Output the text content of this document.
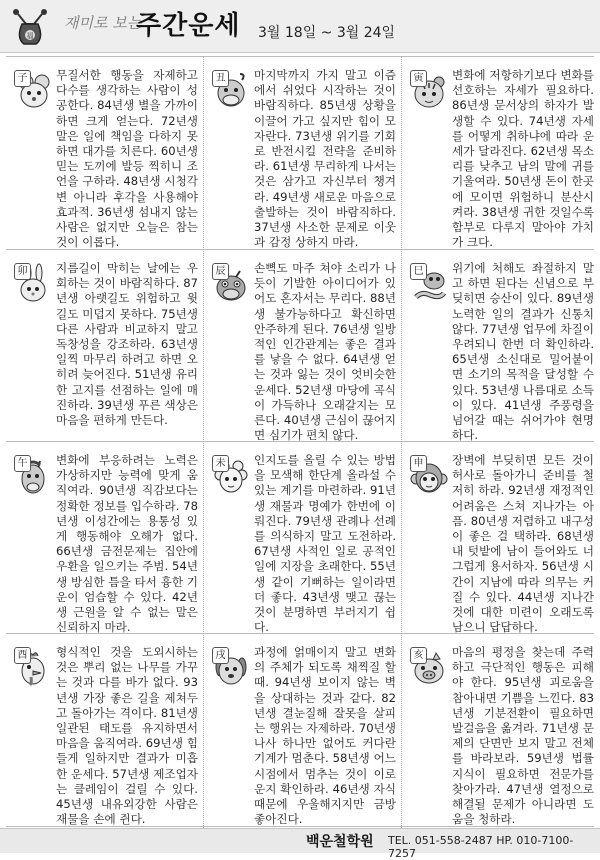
福
재미로 보는
주간운세 3월 18일 ~ 3월 24일
子	무질서한 행동을 자제하고 다수를 생각하는 사람이 성공한다. 84년생 별을 가까이 하면 크게 얻는다. 72년생 말은 일에 책임을 다하지 못하면 대가를 치른다. 60년생 믿는 도끼에 발등 찍히니 조언을 구하라. 48년생 시청각변 아니라 후각을 사용해야 효과적. 36년생 섬내지 않는 사람은 없지만 오늘은 참는 것이 이롭다.

丑	마지막까지 가지 말고 이즘에서 쉬었다 시작하는 것이 바람직하다. 85년생 상황을 이끌어 가고 싶지만 힘이 모자란다. 73년생 위기를 기회로 반전시킬 전략을 준비하라. 61년생 무리하게 나서는 것은 삼가고 자신부터 챙겨라. 49년생 새로운 마음으로 출발하는 것이 바람직하다. 37년생 사소한 문제로 이웃과 감정 상하지 마라.

寅	변화에 저항하기보다 변화를 선호하는 자세가 필요하다. 86년생 문서상의 하자가 발생할 수 있다. 74년생 자세를 어떻게 취하냐에 따라 운세가 달라진다. 62년생 목소리를 낮추고 남의 말에 귀를 기울여라. 50년생 돈이 한곳에 모이면 위험하니 분산시켜라. 38년생 귀한 것일수록 함부로 다루지 말아야 가치가 크다.

卯	지름길이 막히는 날에는 우회하는 것이 바람직하다. 87년생 아랫길도 위험하고 윗길도 미덥지 못하다. 75년생 다른 사람과 비교하지 말고 독창성을 강조하라. 63년생 일찍 마무리 하려고 하면 오히려 늦어진다. 51년생 유리한 고지를 선점하는 일에 매진하라. 39년생 푸른 색상은 마음을 편하게 만든다.

辰	손뼉도 마주 쳐야 소리가 나듯이 기발한 아이디어가 있어도 혼자서는 무리다. 88년생 불가능하다고 확신하면 안주하게 된다. 76년생 일방적인 인간관계는 좋은 결과를 낳을 수 없다. 64년생 얻는 것과 잃는 것이 엇비슷한 운세다. 52년생 마당에 곡식이 가득하나 오래갈지는 모른다. 40년생 근심이 끊어지면 심기가 편치 않다.

巳	위기에 처해도 좌절하지 말고 하면 된다는 신념으로 부딪히면 승산이 있다. 89년생 노력한 일의 결과가 신통치 않다. 77년생 업무에 차질이 우려되니 한번 더 확인하라. 65년생 소신대로 밀어붙이면 소기의 목적을 달성할 수 있다. 53년생 나름대로 소득이 있다. 41년생 주풍령을 넘어갈 때는 쉬어가야 현명하다.

午	변화에 부응하려는 노력은 가상하지만 능력에 맞게 움직여라. 90년생 직감보다는 정확한 정보를 입수하라. 78년생 이성간에는 용통성 있게 행동해야 오해가 없다. 66년생 금전문제는 집안에 우환을 일으키는 주범. 54년생 방심한 틈을 타서 흉한 기운이 엄습할 수 있다. 42년생 근원을 알 수 없는 말은 신뢰하지 마라.

未	인지도를 올릴 수 있는 방법을 모색해 한단계 올라설 수 있는 계기를 마련하라. 91년생 재물과 명예가 한번에 이뤄진다. 79년생 관례나 선례를 의식하지 말고 도전하라. 67년생 사적인 일로 공적인 일에 지장을 초래한다. 55년생 같이 기뻐하는 일이라면 더 좋다. 43년생 맺고 끊는 것이 분명하면 부러지기 쉽다.

申	장벽에 부딪히면 모든 것이 허사로 돌아가니 준비를 철저히 하라. 92년생 재정적인 어려움은 스쳐 지나가는 아픔. 80년생 저렴하고 내구성이 좋은 걸 택하라. 68년생 내 텃밭에 남이 들어와도 너그럽게 용서하자. 56년생 시간이 지남에 따라 의무는 커질 수 있다. 44년생 지나간 것에 대한 미련이 오래도록 남으니 답답하다.

酉	형식적인 것을 도외시하는 것은 뿌리 없는 나무를 가꾸는 것과 다를 바가 없다. 93년생 가장 좋은 길을 제쳐두고 돌아가는 격이다. 81년생 일관된 태도를 유지하면서 마음을 움직여라. 69년생 힘들게 일하지만 결과가 미흡한 운세다. 57년생 제조업자는 클레임이 걸릴 수 있다. 45년생 내유외강한 사람은 재물을 손에 쥔다.

戌	과정에 얽매이지 말고 변화의 주체가 되도록 채찍질 할 때. 94년생 보이지 않는 벽을 상대하는 것과 같다. 82년생 결눈질해 잘못을 살피는 행위는 자제하라. 70년생 나사 하나만 없어도 커다란 기계가 멈춘다. 58년생 어느 시점에서 멈추는 것이 이로운지 확인하라. 46년생 자식 때문에 우울해지지만 금방 좋아진다.

亥	마음의 평정을 찾는데 주력하고 극단적인 행동은 피해야 한다. 95년생 괴로움을 참아내면 기쁨을 느낀다. 83년생 기분전환이 필요하면 발걸음을 옮겨라. 71년생 문제의 단면만 보지 말고 전체를 바라보라. 59년생 법률 지식이 필요하면 전문가를 찾아가라. 47년생 열정으로 해결될 문제가 아니라면 도움을 청하라.

백운철학원 TEL. 051-558-2487 HP. 010-7100-7257
